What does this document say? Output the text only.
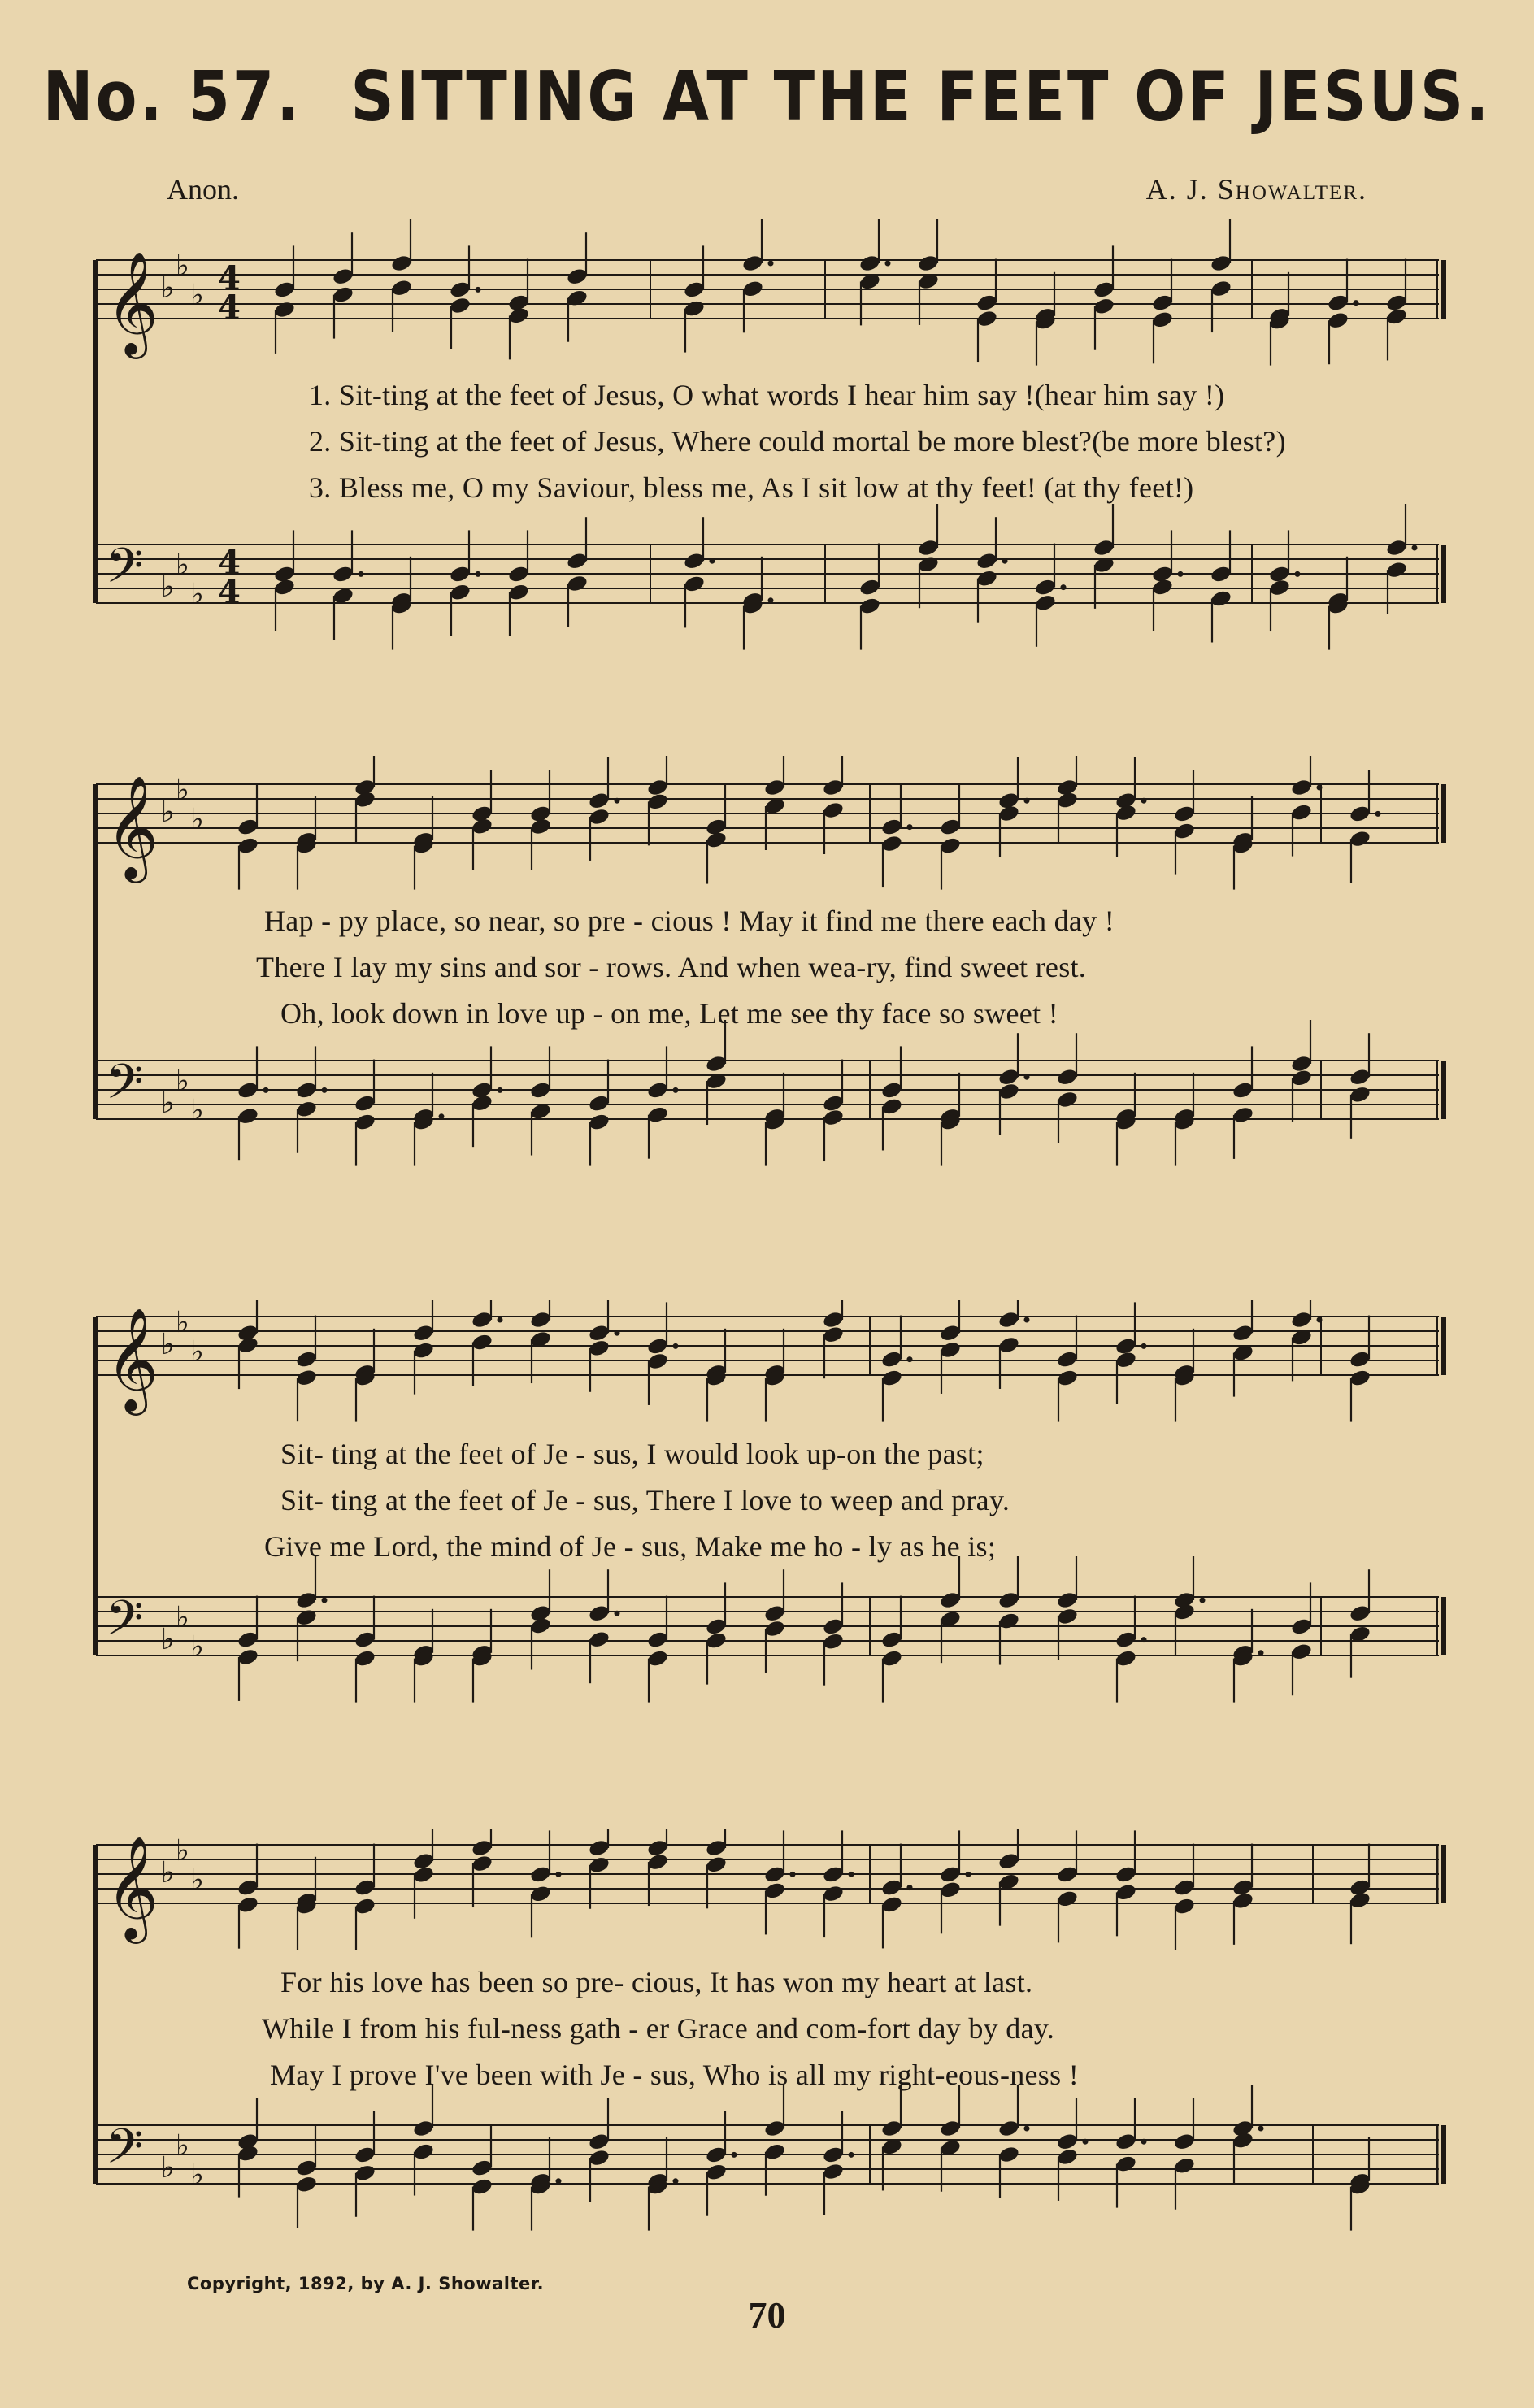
No. 57. SITTING AT THE FEET OF JESUS.
Anon.	A. J. Showalter.
𝄞 ♭
♭
♭ 4
4
𝄢 ♭
♭
♭
4
4
1. Sit-ting at the feet of Jesus, O what words I hear him say !(hear him say !)
2. Sit-ting at the feet of Jesus, Where could mortal be more blest?(be more blest?)
3. Bless me, O my Saviour, bless me, As I sit low at thy feet! (at thy feet!)
𝄞 ♭
♭
♭
𝄢 ♭
♭
♭
Hap - py place, so near, so pre - cious ! May it find me there each day !
There I lay my sins and sor - rows. And when wea-ry, find sweet rest.
Oh, look down in love up - on me, Let me see thy face so sweet !
𝄞 ♭
♭
♭
𝄢 ♭
♭
♭
Sit- ting at the feet of Je - sus, I would look up-on the past;
Sit- ting at the feet of Je - sus, There I love to weep and pray.
Give me Lord, the mind of Je - sus, Make me ho - ly as he is;
𝄞 ♭
♭
♭
𝄢 ♭
♭
♭
For his love has been so pre- cious, It has won my heart at last.
While I from his ful-ness gath - er Grace and com-fort day by day.
May I prove I've been with Je - sus, Who is all my right-eous-ness !
Copyright, 1892, by A. J. Showalter.
70
